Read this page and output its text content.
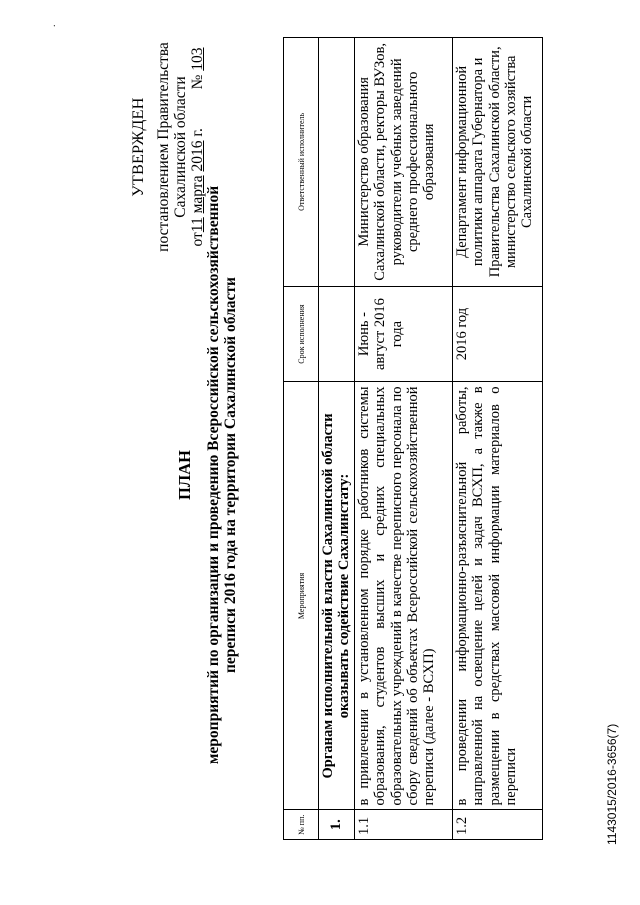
.
УТВЕРЖДЕН постановлением Правительства Сахалинской области
от11 марта 2016 г.          № 103
ПЛАН мероприятий по организации и проведению Всероссийской сельскохозяйственной переписи 2016 года на территории Сахалинской области
№ пп.	Мероприятия	Срок исполнения	Ответственный исполнитель
1.	Органам исполнительной власти Сахалинской области оказывать содействие Сахалинстату:		

1.1	в привлечении в установленном порядке работников системы образования, студентов высших и средних специальных образовательных учреждений в качестве переписного персонала по сбору сведений об объектах Всероссийской сельскохозяйственной переписи (далее - ВСХП)	Июнь - август 2016 года	Министерство образования Сахалинской области, ректоры ВУЗов, руководители учебных заведений среднего профессионального образования
1.2	в проведении информационно-разъяснительной работы, направленной на освещение целей и задач ВСХП, а также в размещении в средствах массовой информации материалов о переписи	2016 год	Департамент информационной политики аппарата Губернатора и Правительства Сахалинской области, министерство сельского хозяйства Сахалинской области
1143015/2016-3656(7)
